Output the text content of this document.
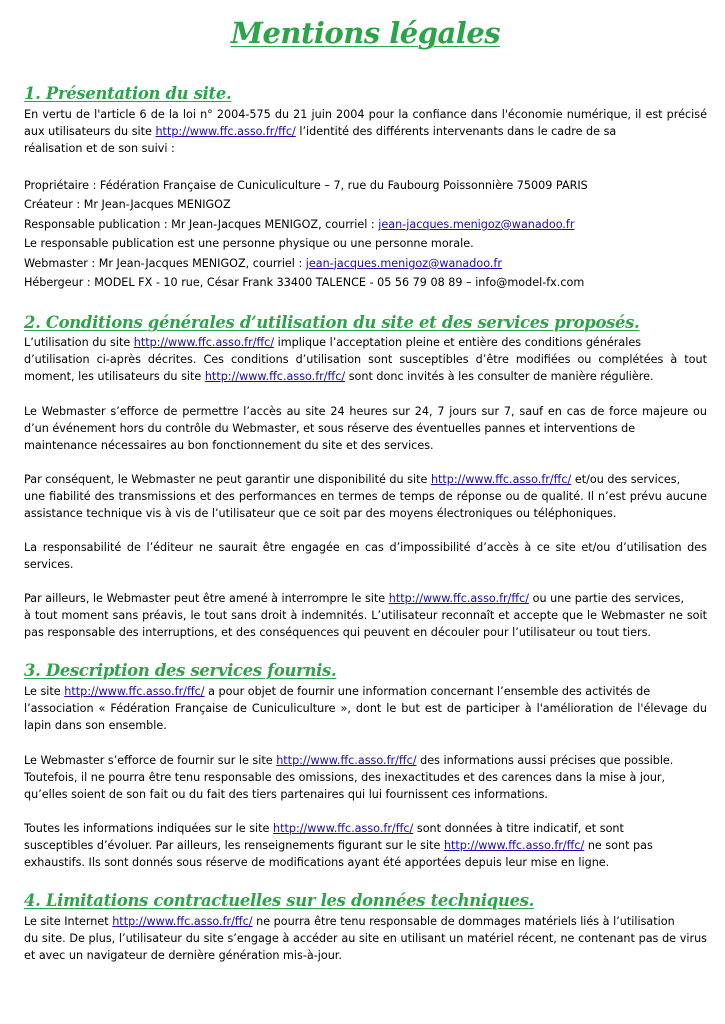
Mentions légales
1. Présentation du site.
En vertu de l'article 6 de la loi n° 2004-575 du 21 juin 2004 pour la confiance dans l'économie numérique, il est précisé
aux utilisateurs du site http://www.ffc.asso.fr/ffc/ l’identité des différents intervenants dans le cadre de sa
réalisation et de son suivi :
Propriétaire : Fédération Française de Cuniculiculture – 7, rue du Faubourg Poissonnière 75009 PARIS
Créateur : Mr Jean-Jacques MENIGOZ
Responsable publication : Mr Jean-Jacques MENIGOZ, courriel : jean-jacques.menigoz@wanadoo.fr
Le responsable publication est une personne physique ou une personne morale.
Webmaster : Mr Jean-Jacques MENIGOZ, courriel : jean-jacques.menigoz@wanadoo.fr
Hébergeur : MODEL FX - 10 rue, César Frank 33400 TALENCE - 05 56 79 08 89 – info@model-fx.com
2. Conditions générales d’utilisation du site et des services proposés.
L’utilisation du site http://www.ffc.asso.fr/ffc/ implique l’acceptation pleine et entière des conditions générales
d’utilisation ci-après décrites. Ces conditions d’utilisation sont susceptibles d’être modifiées ou complétées à tout
moment, les utilisateurs du site http://www.ffc.asso.fr/ffc/ sont donc invités à les consulter de manière régulière.
Le Webmaster s’efforce de permettre l’accès au site 24 heures sur 24, 7 jours sur 7, sauf en cas de force majeure ou
d’un événement hors du contrôle du Webmaster, et sous réserve des éventuelles pannes et interventions de
maintenance nécessaires au bon fonctionnement du site et des services.
Par conséquent, le Webmaster ne peut garantir une disponibilité du site http://www.ffc.asso.fr/ffc/ et/ou des services,
une fiabilité des transmissions et des performances en termes de temps de réponse ou de qualité. Il n’est prévu aucune
assistance technique vis à vis de l’utilisateur que ce soit par des moyens électroniques ou téléphoniques.
La responsabilité de l’éditeur ne saurait être engagée en cas d’impossibilité d’accès à ce site et/ou d’utilisation des
services.
Par ailleurs, le Webmaster peut être amené à interrompre le site http://www.ffc.asso.fr/ffc/ ou une partie des services,
à tout moment sans préavis, le tout sans droit à indemnités. L’utilisateur reconnaît et accepte que le Webmaster ne soit
pas responsable des interruptions, et des conséquences qui peuvent en découler pour l’utilisateur ou tout tiers.
3. Description des services fournis.
Le site http://www.ffc.asso.fr/ffc/ a pour objet de fournir une information concernant l’ensemble des activités de
l’association « Fédération Française de Cuniculiculture », dont le but est de participer à l'amélioration de l'élevage du
lapin dans son ensemble.
Le Webmaster s’efforce de fournir sur le site http://www.ffc.asso.fr/ffc/ des informations aussi précises que possible.
Toutefois, il ne pourra être tenu responsable des omissions, des inexactitudes et des carences dans la mise à jour,
qu’elles soient de son fait ou du fait des tiers partenaires qui lui fournissent ces informations.
Toutes les informations indiquées sur le site http://www.ffc.asso.fr/ffc/ sont données à titre indicatif, et sont
susceptibles d’évoluer. Par ailleurs, les renseignements figurant sur le site http://www.ffc.asso.fr/ffc/ ne sont pas
exhaustifs. Ils sont donnés sous réserve de modifications ayant été apportées depuis leur mise en ligne.
4. Limitations contractuelles sur les données techniques.
Le site Internet http://www.ffc.asso.fr/ffc/ ne pourra être tenu responsable de dommages matériels liés à l’utilisation
du site. De plus, l’utilisateur du site s’engage à accéder au site en utilisant un matériel récent, ne contenant pas de virus
et avec un navigateur de dernière génération mis-à-jour.
